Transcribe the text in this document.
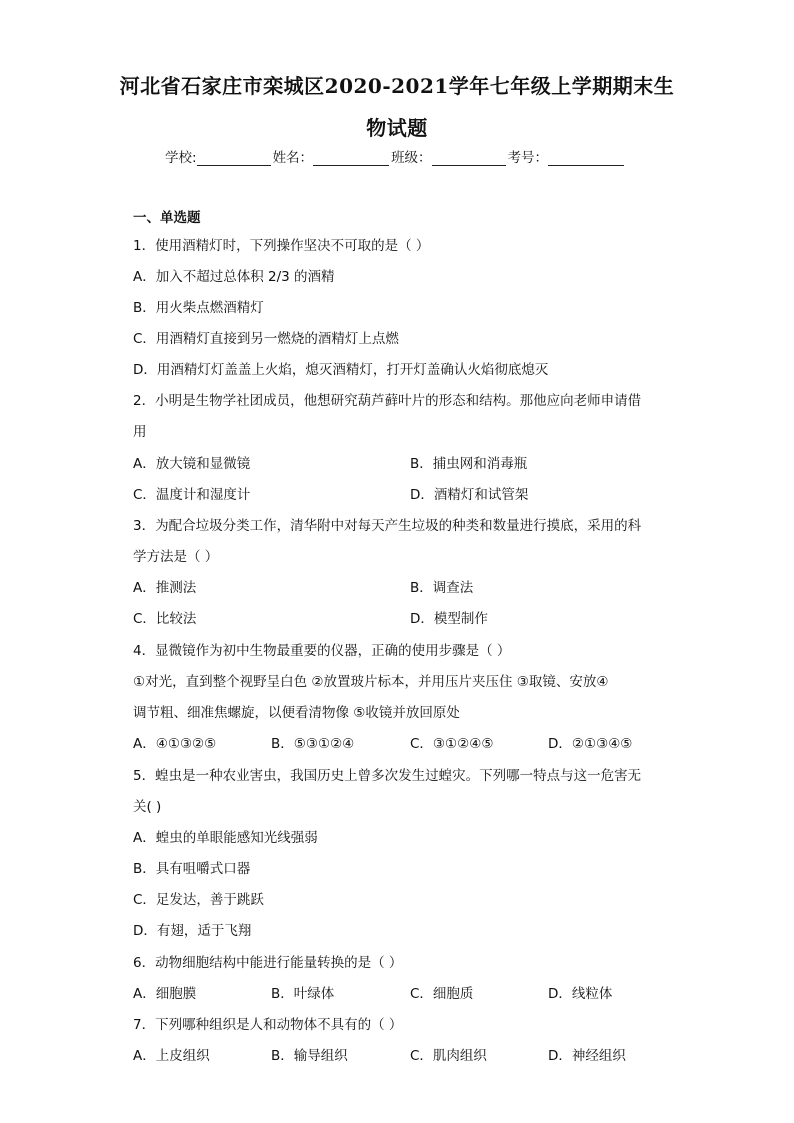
河北省石家庄市栾城区2020-2021学年七年级上学期期末生
物试题
学校:	姓名：	班级：	考号：
一、单选题
1．使用酒精灯时，下列操作坚决不可取的是（ ）
A．加入不超过总体积 2/3 的酒精
B．用火柴点燃酒精灯
C．用酒精灯直接到另一燃烧的酒精灯上点燃
D．用酒精灯灯盖盖上火焰，熄灭酒精灯，打开灯盖确认火焰彻底熄灭
2．小明是生物学社团成员，他想研究葫芦藓叶片的形态和结构。那他应向老师申请借
用
A．放大镜和显微镜	B．捕虫网和消毒瓶
C．温度计和湿度计	D．酒精灯和试管架
3．为配合垃圾分类工作，清华附中对每天产生垃圾的种类和数量进行摸底，采用的科
学方法是（ ）
A．推测法	B．调查法
C．比较法	D．模型制作
4．显微镜作为初中生物最重要的仪器，正确的使用步骤是（ ）
①对光，直到整个视野呈白色 ②放置玻片标本，并用压片夹压住 ③取镜、安放④
调节粗、细准焦螺旋，以便看清物像 ⑤收镜并放回原处
A．④①③②⑤	B．⑤③①②④	C．③①②④⑤	D．②①③④⑤
5．蝗虫是一种农业害虫，我国历史上曾多次发生过蝗灾。下列哪一特点与这一危害无
关( )
A．蝗虫的单眼能感知光线强弱
B．具有咀嚼式口器
C．足发达，善于跳跃
D．有翅，适于飞翔
6．动物细胞结构中能进行能量转换的是（ ）
A．细胞膜	B．叶绿体	C．细胞质	D．线粒体
7．下列哪种组织是人和动物体不具有的（ ）
A．上皮组织	B．输导组织	C．肌肉组织	D．神经组织
